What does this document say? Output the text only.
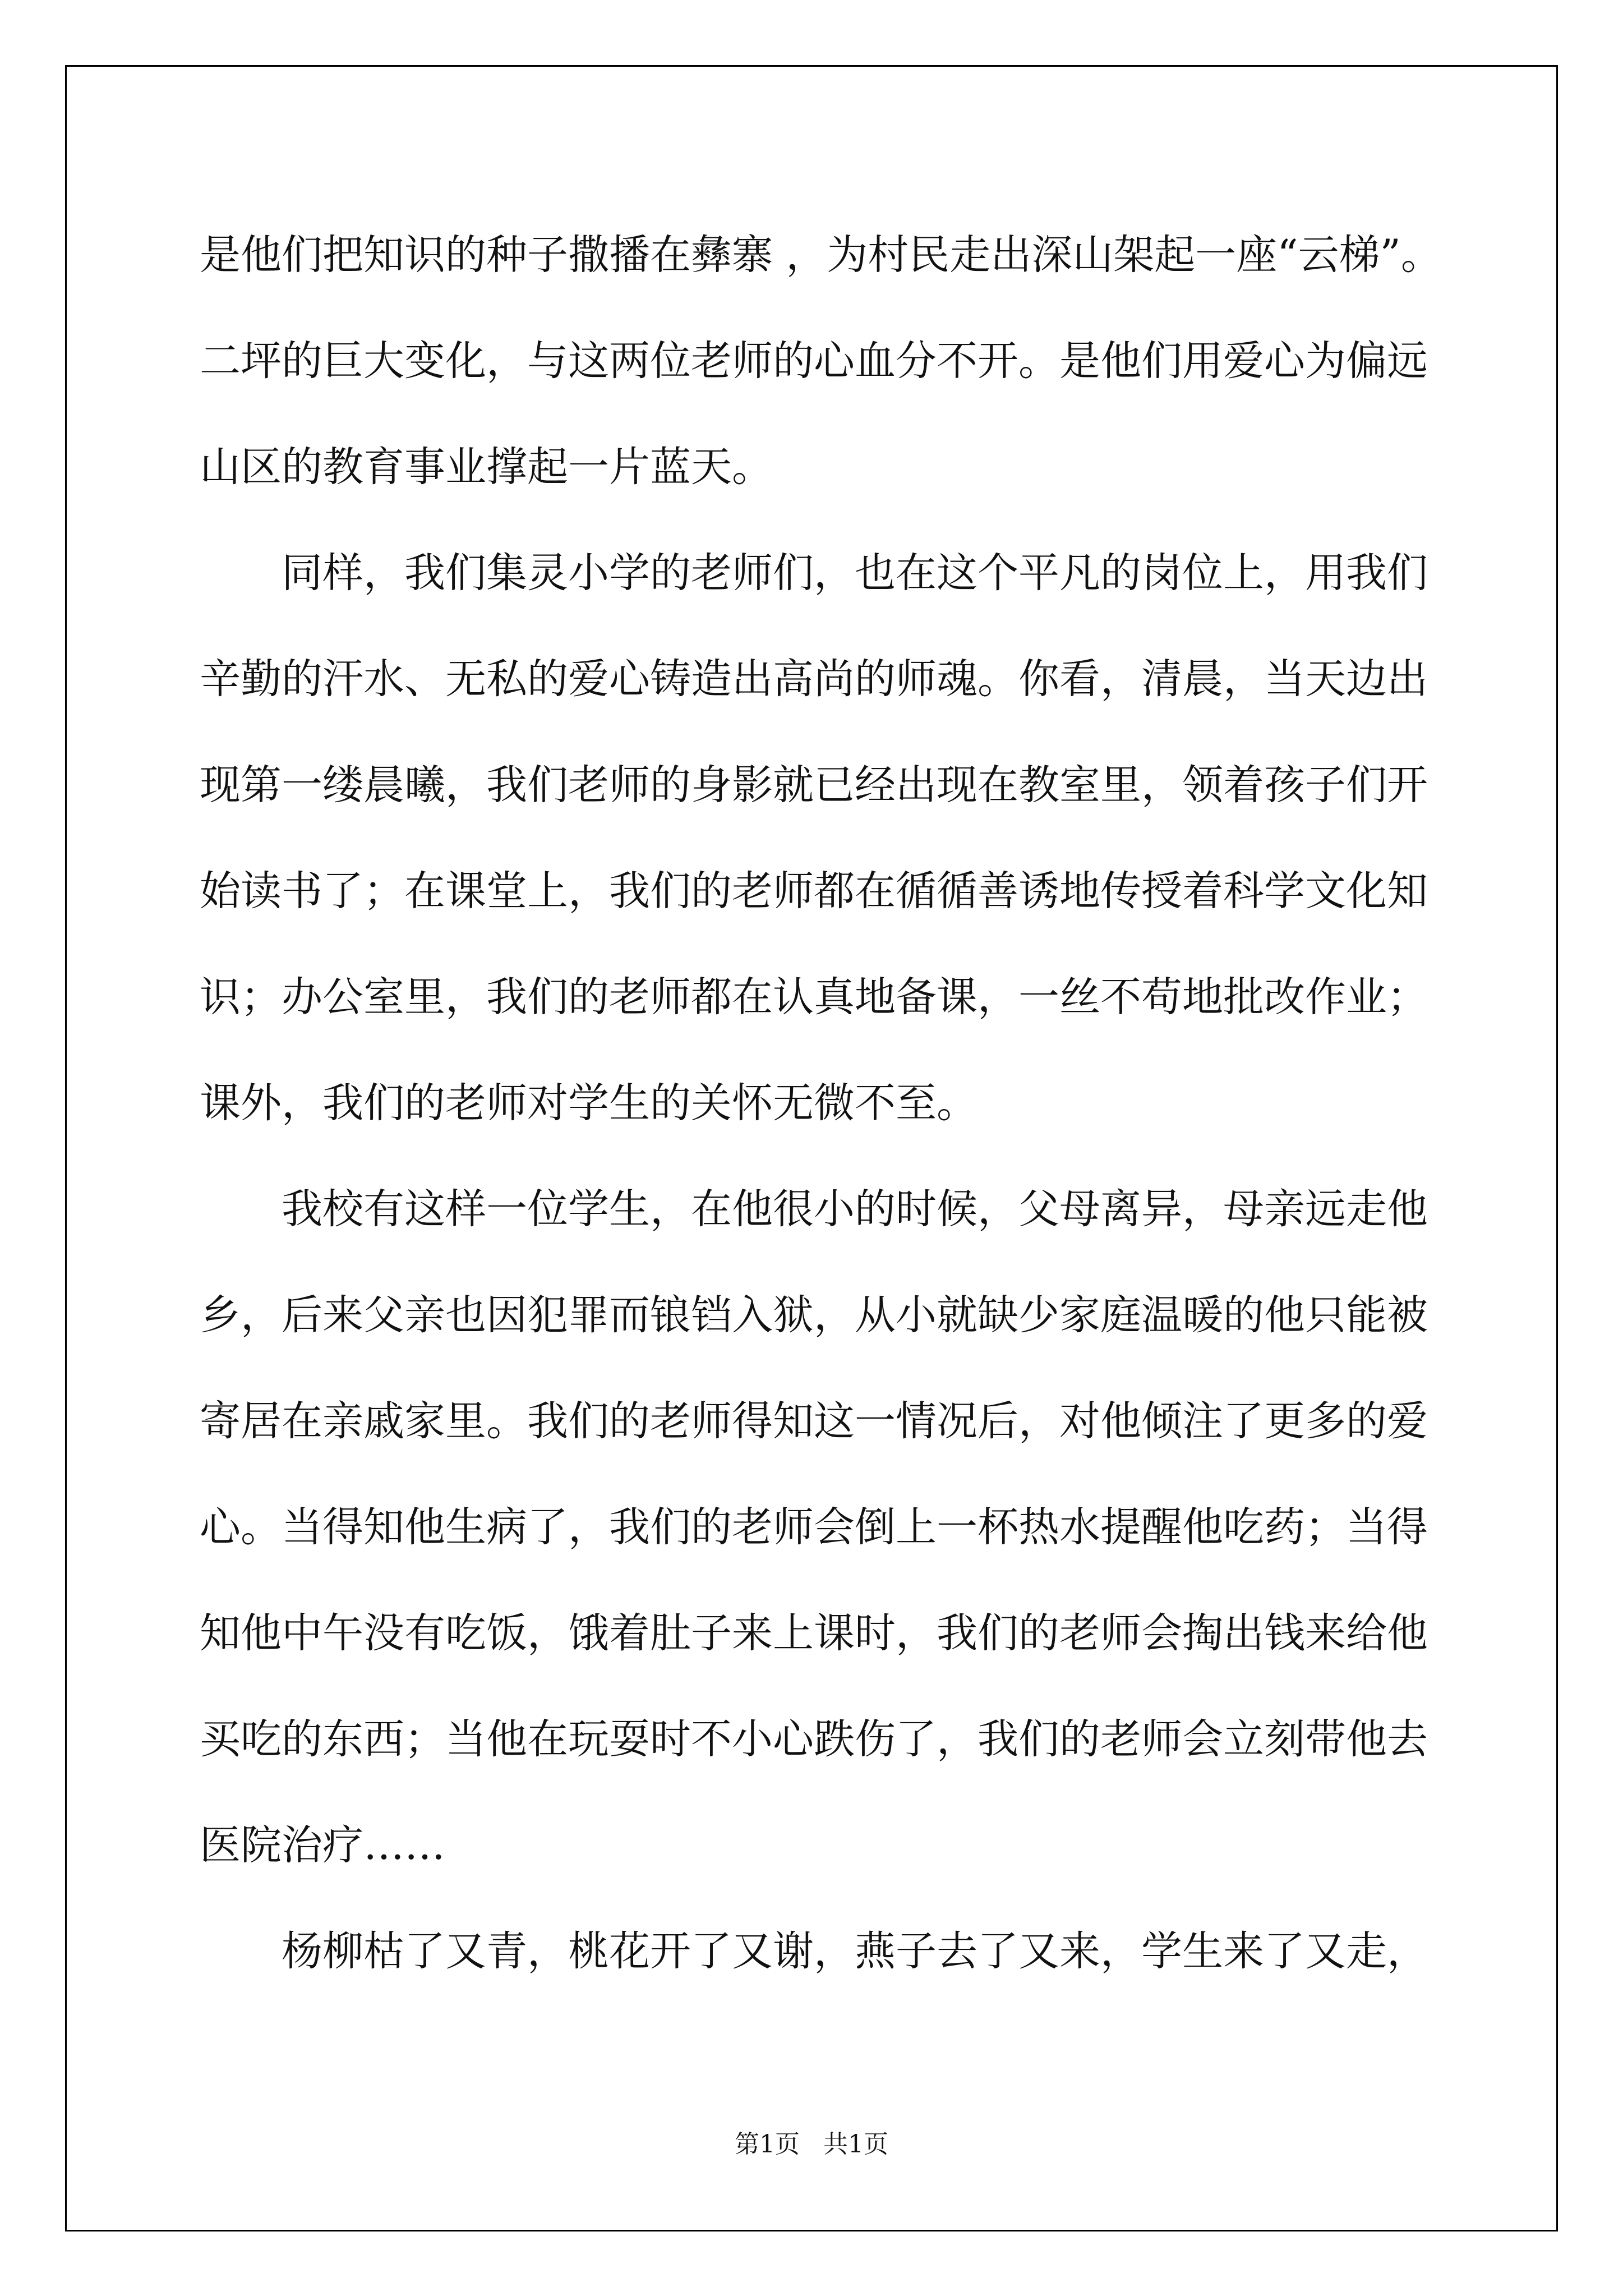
是他们把知识的种子撒播在彝寨 ，为村民走出深山架起一座“云梯”。
二坪的巨大变化，与这两位老师的心血分不开。是他们用爱心为偏远
山区的教育事业撑起一片蓝天。

同样，我们集灵小学的老师们，也在这个平凡的岗位上，用我们
辛勤的汗水、无私的爱心铸造出高尚的师魂。你看，清晨，当天边出
现第一缕晨曦，我们老师的身影就已经出现在教室里，领着孩子们开
始读书了；在课堂上，我们的老师都在循循善诱地传授着科学文化知
识；办公室里，我们的老师都在认真地备课，一丝不苟地批改作业；
课外，我们的老师对学生的关怀无微不至。

我校有这样一位学生，在他很小的时候，父母离异，母亲远走他
乡，后来父亲也因犯罪而锒铛入狱，从小就缺少家庭温暖的他只能被
寄居在亲戚家里。我们的老师得知这一情况后，对他倾注了更多的爱
心。当得知他生病了，我们的老师会倒上一杯热水提醒他吃药；当得
知他中午没有吃饭，饿着肚子来上课时，我们的老师会掏出钱来给他
买吃的东西；当他在玩耍时不小心跌伤了，我们的老师会立刻带他去
医院治疗……

杨柳枯了又青，桃花开了又谢，燕子去了又来，学生来了又走，

第1页   共1页
